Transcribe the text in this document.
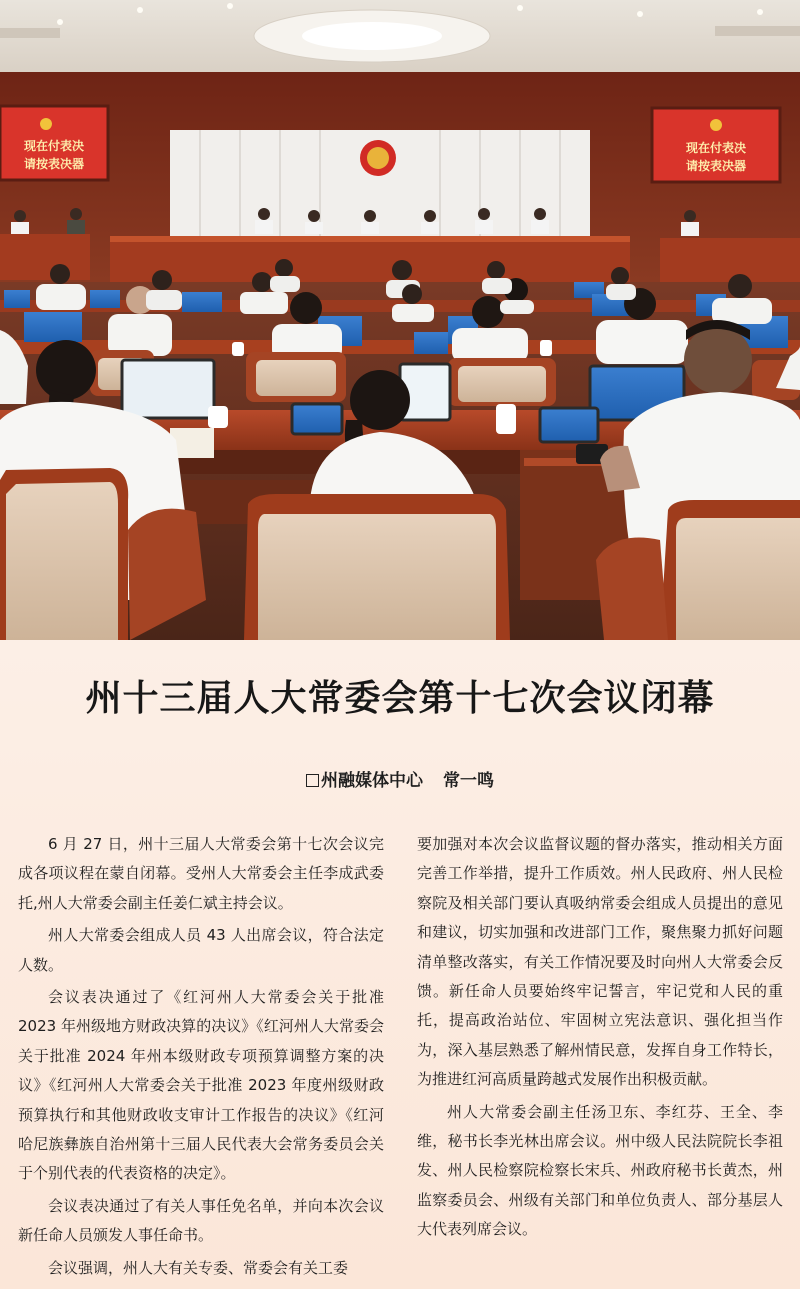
现在付表决
请按表决器
现在付表决
请按表决器
州十三届人大常委会第十七次会议闭幕
州融媒体中心 常一鸣

6 月 27 日，州十三届人大常委会第十七次会议完成各项议程在蒙自闭幕。受州人大常委会主任李成武委托,州人大常委会副主任姜仁斌主持会议。

州人大常委会组成人员 43 人出席会议，符合法定人数。

会议表决通过了《红河州人大常委会关于批准 2023 年州级地方财政决算的决议》《红河州人大常委会关于批准 2024 年州本级财政专项预算调整方案的决议》《红河州人大常委会关于批准 2023 年度州级财政预算执行和其他财政收支审计工作报告的决议》《红河哈尼族彝族自治州第十三届人民代表大会常务委员会关于个别代表的代表资格的决定》。

会议表决通过了有关人事任免名单，并向本次会议新任命人员颁发人事任命书。

会议强调，州人大有关专委、常委会有关工委

要加强对本次会议监督议题的督办落实，推动相关方面完善工作举措，提升工作质效。州人民政府、州人民检察院及相关部门要认真吸纳常委会组成人员提出的意见和建议，切实加强和改进部门工作，聚焦聚力抓好问题清单整改落实，有关工作情况要及时向州人大常委会反馈。新任命人员要始终牢记誓言，牢记党和人民的重托，提高政治站位、牢固树立宪法意识、强化担当作为，深入基层熟悉了解州情民意，发挥自身工作特长，为推进红河高质量跨越式发展作出积极贡献。

州人大常委会副主任汤卫东、李红芬、王全、李维，秘书长李光林出席会议。州中级人民法院院长李祖发、州人民检察院检察长宋兵、州政府秘书长黄杰，州监察委员会、州级有关部门和单位负责人、部分基层人大代表列席会议。
